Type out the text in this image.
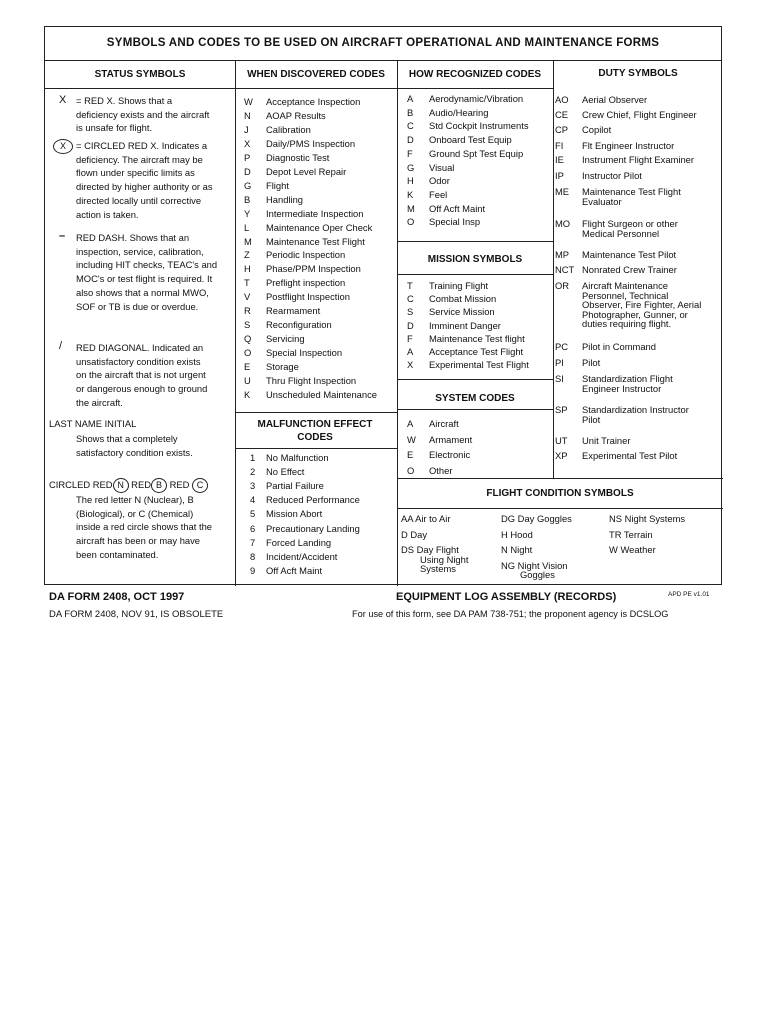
SYMBOLS AND CODES TO BE USED ON AIRCRAFT OPERATIONAL AND MAINTENANCE FORMS
STATUS SYMBOLS	WHEN DISCOVERED CODES	HOW RECOGNIZED CODES	DUTY SYMBOLS
MALFUNCTION EFFECT CODES
MISSION SYMBOLS
SYSTEM CODES
FLIGHT CONDITION SYMBOLS
X = RED X. Shows that a
deficiency exists and the aircraft
is unsafe for flight.
X	= CIRCLED RED X. Indicates a
deficiency. The aircraft may be
flown under specific limits as
directed by higher authority or as
directed locally until corrective
action is taken.
– RED DASH. Shows that an
inspection, service, calibration,
including HIT checks, TEAC's and
MOC's or test flight is required. It
also shows that a normal MWO,
SOF or TB is due or overdue.
/ RED DIAGONAL. Indicated an
unsatisfactory condition exists
on the aircraft that is not urgent
or dangerous enough to ground
the aircraft.
LAST NAME INITIAL
Shows that a completely
satisfactory condition exists.
CIRCLED RED N RED B RED C
The red letter N (Nuclear), B
(Biological), or C (Chemical)
inside a red circle shows that the
aircraft has been or may have
been contaminated.
W Acceptance Inspection
N AOAP Results
J Calibration
X Daily/PMS Inspection
P Diagnostic Test
D Depot Level Repair
G Flight
B Handling
Y Intermediate Inspection
L Maintenance Oper Check
M Maintenance Test Flight
Z Periodic Inspection
H Phase/PPM Inspection
T Preflight inspection
V Postflight Inspection
R Rearmament
S Reconfiguration
Q Servicing
O Special Inspection
E Storage
U Thru Flight Inspection
K Unscheduled Maintenance
1 No Malfunction
2 No Effect
3 Partial Failure
4 Reduced Performance
5 Mission Abort
6 Precautionary Landing
7 Forced Landing
8 Incident/Accident
9 Off Acft Maint
A Aerodynamic/Vibration
B Audio/Hearing
C Std Cockpit Instruments
D Onboard Test Equip
F Ground Spt Test Equip
G Visual
H Odor
K Feel
M Off Acft Maint
O Special Insp
T Training Flight
C Combat Mission
S Service Mission
D Imminent Danger
F Maintenance Test flight
A Acceptance Test Flight
X Experimental Test Flight
A Aircraft
W Armament
E Electronic
O Other
AO Aerial Observer
CE Crew Chief, Flight Engineer
CP Copilot
FI Flt Engineer Instructor
IE Instrument Flight Examiner
IP Instructor Pilot
ME Maintenance Test Flight
Evaluator
MO Flight Surgeon or other
Medical Personnel
MP Maintenance Test Pilot
NCT Nonrated Crew Trainer
OR Aircraft Maintenance
Personnel, Technical
Observer, Fire Fighter, Aerial
Photographer, Gunner, or
duties requiring flight.
PC Pilot in Command
PI Pilot
SI Standardization Flight
Engineer Instructor
SP Standardization Instructor
Pilot
UT Unit Trainer
XP Experimental Test Pilot
AA Air to Air
D Day
DS Day Flight
Using Night
Systems
DG Day Goggles
H Hood
N Night
NG Night Vision
Goggles
NS Night Systems
TR Terrain
W Weather
DA FORM 2408, OCT 1997
DA FORM 2408, NOV 91, IS OBSOLETE
EQUIPMENT LOG ASSEMBLY (RECORDS)
For use of this form, see DA PAM 738-751; the proponent agency is DCSLOG
APD PE v1.01
